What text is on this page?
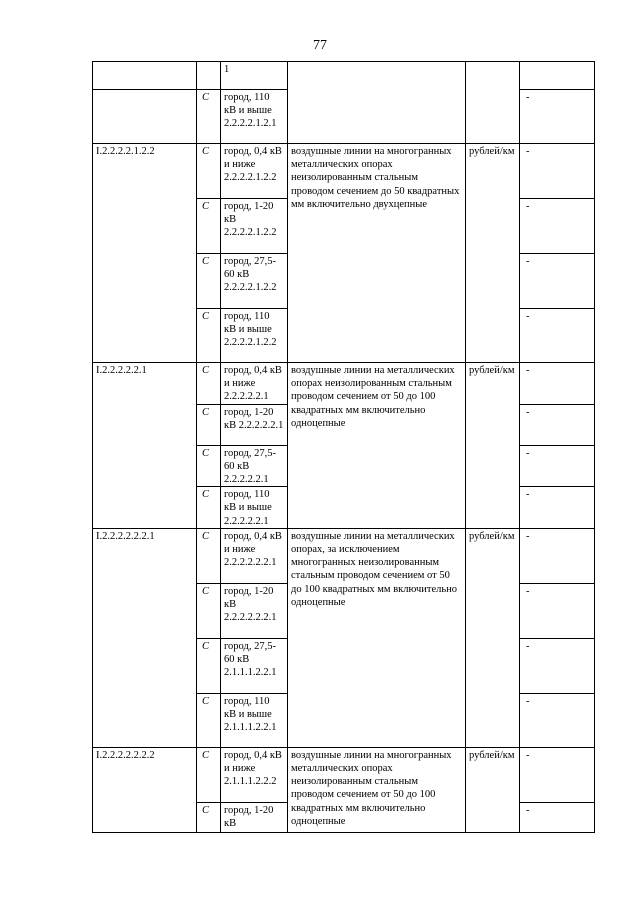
77
		1			
	С	город, 110 кВ и выше 2.2.2.2.1.2.1			-
I.2.2.2.2.1.2.2	С	город, 0,4 кВ и ниже 2.2.2.2.1.2.2	воздушные линии на многогранных металлических опорах неизолированным стальным проводом сечением до 50 квадратных мм включительно двухцепные	рублей/км	-
	С	город, 1-20 кВ 2.2.2.2.1.2.2			-
	С	город, 27,5-60 кВ 2.2.2.2.1.2.2			-
	С	город, 110 кВ и выше 2.2.2.2.1.2.2			-
I.2.2.2.2.2.1	С	город, 0,4 кВ и ниже 2.2.2.2.2.1	воздушные линии на металлических опорах неизолированным стальным проводом сечением от 50 до 100 квадратных мм включительно одноцепные	рублей/км	-
	С	город, 1-20 кВ 2.2.2.2.2.1			-
	С	город, 27,5-60 кВ 2.2.2.2.2.1			-
	С	город, 110 кВ и выше 2.2.2.2.2.1			-
I.2.2.2.2.2.2.1	С	город, 0,4 кВ и ниже 2.2.2.2.2.2.1	воздушные линии на металлических опорах, за исключением многогранных неизолированным стальным проводом сечением от 50 до 100 квадратных мм включительно одноцепные	рублей/км	-
	С	город, 1-20 кВ 2.2.2.2.2.2.1			-
	С	город, 27,5-60 кВ 2.1.1.1.2.2.1			-
	С	город, 110 кВ и выше 2.1.1.1.2.2.1			-
I.2.2.2.2.2.2.2	С	город, 0,4 кВ и ниже 2.1.1.1.2.2.2	воздушные линии на многогранных металлических опорах неизолированным стальным проводом сечением от 50 до 100 квадратных мм включительно одноцепные	рублей/км	-
	С	город, 1-20 кВ			-
